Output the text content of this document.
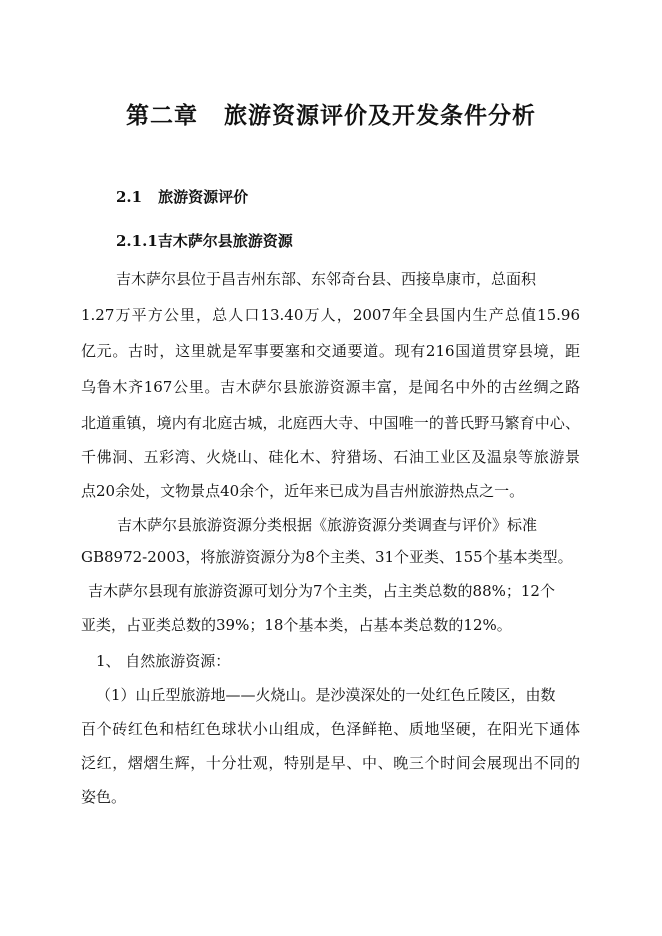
第二章 旅游资源评价及开发条件分析
2.1 旅游资源评价
2.1.1吉木萨尔县旅游资源
吉木萨尔县位于昌吉州东部、东邻奇台县、西接阜康市，总面积
1.27万平方公里，总人口13.40万人，2007年全县国内生产总值15.96
亿元。古时，这里就是军事要塞和交通要道。现有216国道贯穿县境，距
乌鲁木齐167公里。吉木萨尔县旅游资源丰富，是闻名中外的古丝绸之路
北道重镇，境内有北庭古城，北庭西大寺、中国唯一的普氏野马繁育中心、
千佛洞、五彩湾、火烧山、硅化木、狩猎场、石油工业区及温泉等旅游景
点20余处，文物景点40余个，近年来已成为昌吉州旅游热点之一。
吉木萨尔县旅游资源分类根据《旅游资源分类调查与评价》标准
GB8972-2003，将旅游资源分为8个主类、31个亚类、155个基本类型。
吉木萨尔县现有旅游资源可划分为7个主类，占主类总数的88%；12个
亚类，占亚类总数的39%；18个基本类，占基本类总数的12%。
1、 自然旅游资源：
（1）山丘型旅游地——火烧山。是沙漠深处的一处红色丘陵区，由数
百个砖红色和桔红色球状小山组成，色泽鲜艳、质地坚硬，在阳光下通体
泛红，熠熠生辉，十分壮观，特别是早、中、晚三个时间会展现出不同的
姿色。
